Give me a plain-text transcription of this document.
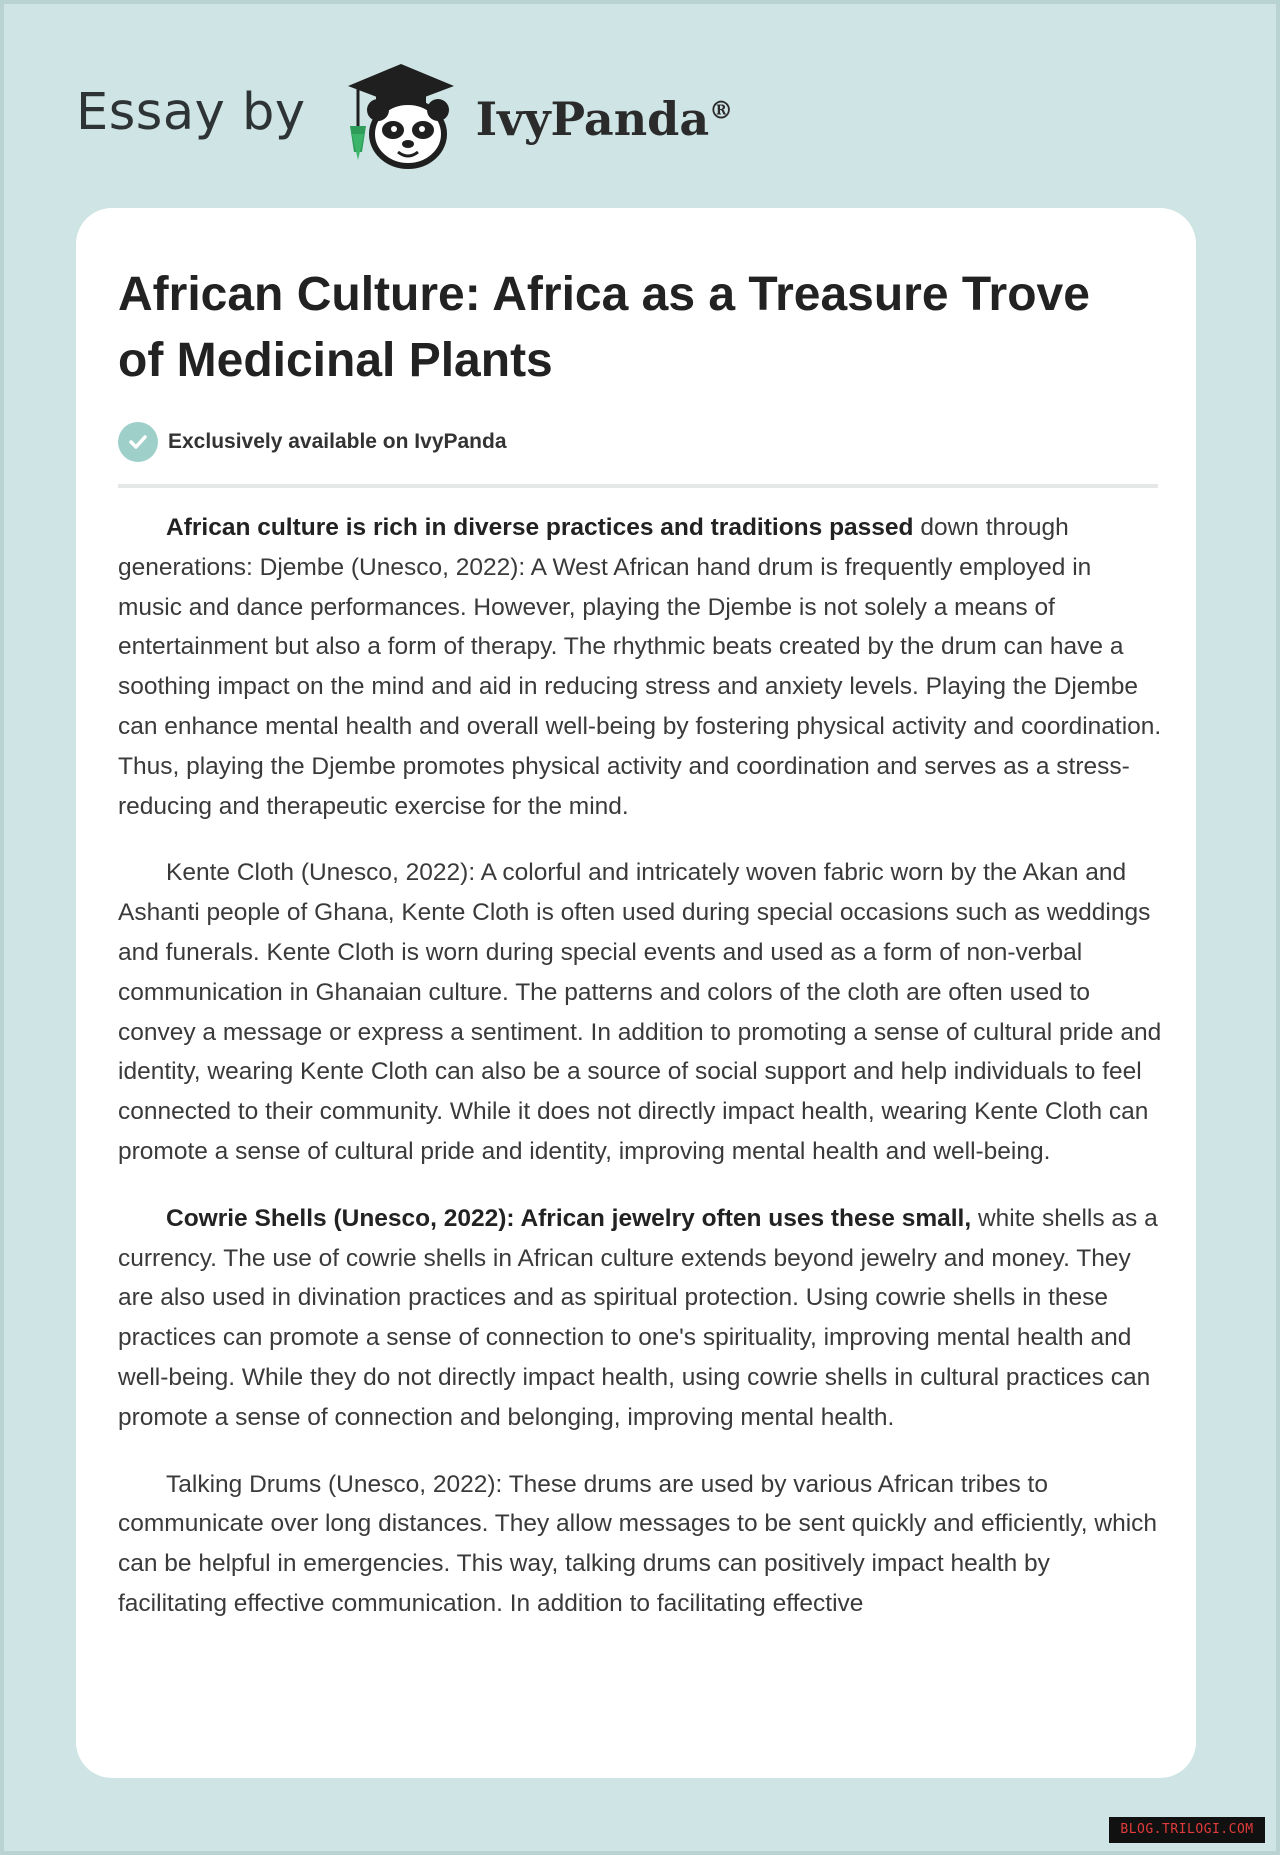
Essay by	IvyPanda®
African Culture: Africa as a Treasure Trove of Medicinal Plants
Exclusively available on IvyPanda

African culture is rich in diverse practices and traditions passed down through generations: Djembe (Unesco, 2022): A West African hand drum is frequently employed in music and dance performances. However, playing the Djembe is not solely a means of entertainment but also a form of therapy. The rhythmic beats created by the drum can have a soothing impact on the mind and aid in reducing stress and anxiety levels. Playing the Djembe can enhance mental health and overall well-being by fostering physical activity and coordination. Thus, playing the Djembe promotes physical activity and coordination and serves as a stress-reducing and therapeutic exercise for the mind.

Kente Cloth (Unesco, 2022): A colorful and intricately woven fabric worn by the Akan and Ashanti people of Ghana, Kente Cloth is often used during special occasions such as weddings and funerals. Kente Cloth is worn during special events and used as a form of non-verbal communication in Ghanaian culture. The patterns and colors of the cloth are often used to convey a message or express a sentiment. In addition to promoting a sense of cultural pride and identity, wearing Kente Cloth can also be a source of social support and help individuals to feel connected to their community. While it does not directly impact health, wearing Kente Cloth can promote a sense of cultural pride and identity, improving mental health and well-being.

Cowrie Shells (Unesco, 2022): African jewelry often uses these small, white shells as a currency. The use of cowrie shells in African culture extends beyond jewelry and money. They are also used in divination practices and as spiritual protection. Using cowrie shells in these practices can promote a sense of connection to one's spirituality, improving mental health and well-being. While they do not directly impact health, using cowrie shells in cultural practices can promote a sense of connection and belonging, improving mental health.

Talking Drums (Unesco, 2022): These drums are used by various African tribes to communicate over long distances. They allow messages to be sent quickly and efficiently, which can be helpful in emergencies. This way, talking drums can positively impact health by facilitating effective communication. In addition to facilitating effective

BLOG.TRILOGI.COM
